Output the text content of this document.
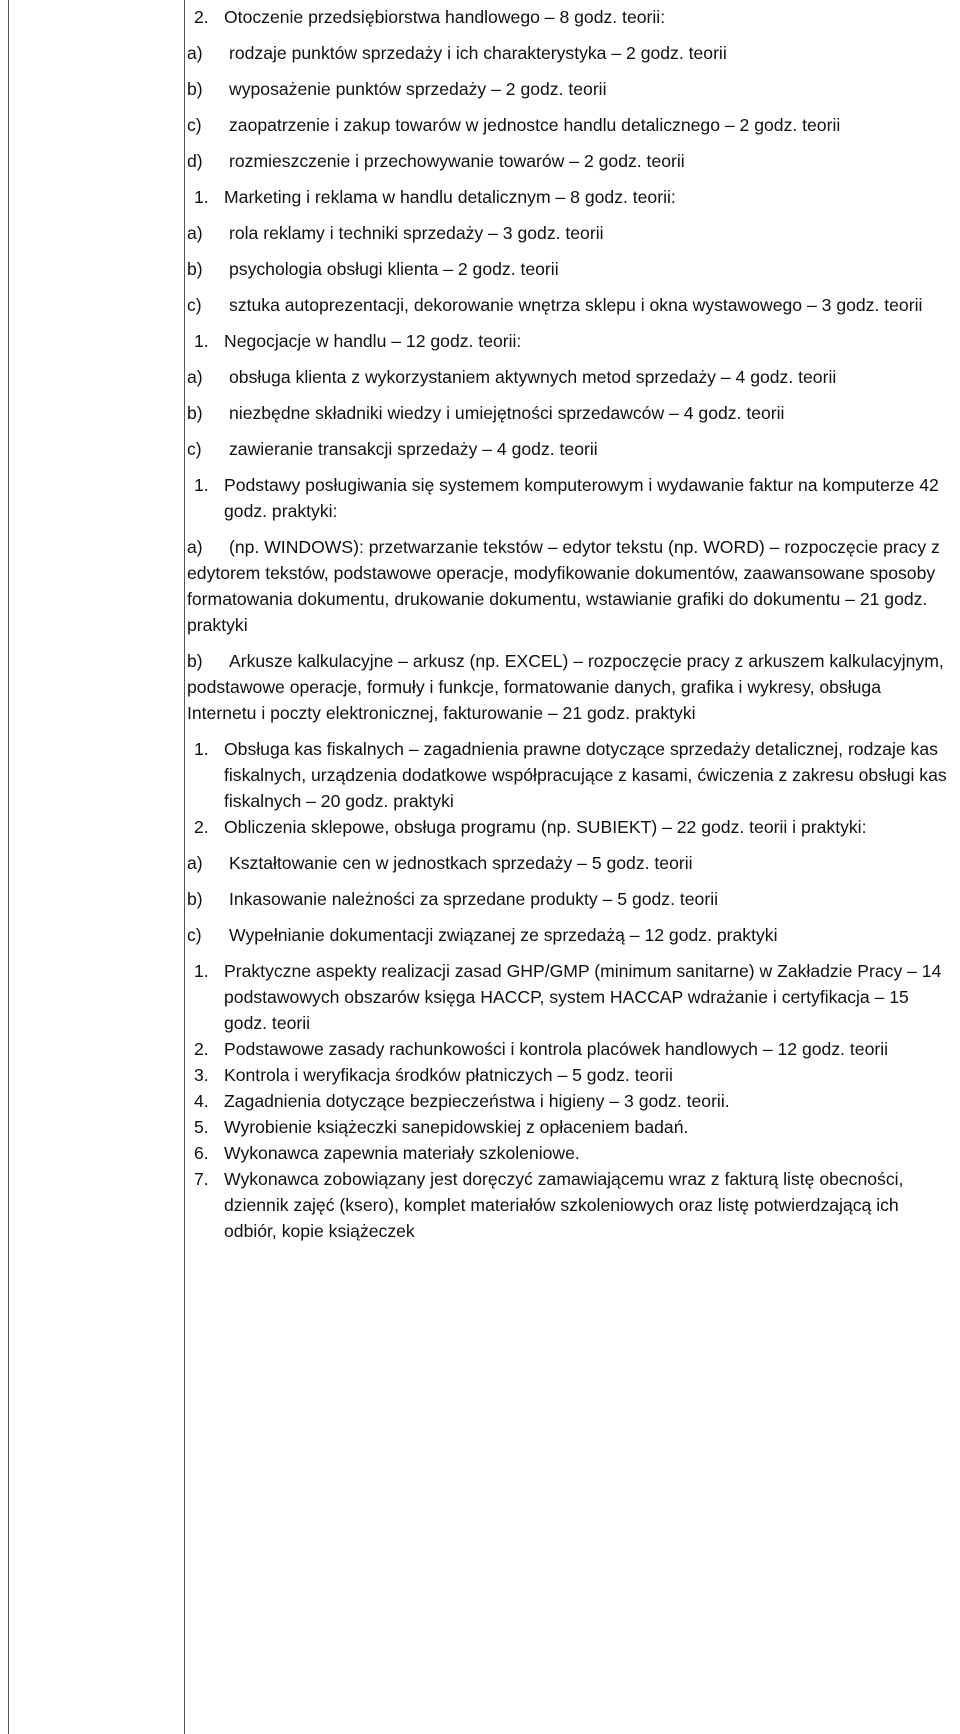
2. Otoczenie przedsiębiorstwa handlowego – 8 godz. teorii:
a) rodzaje punktów sprzedaży i ich charakterystyka – 2 godz. teorii
b) wyposażenie punktów sprzedaży – 2 godz. teorii
c) zaopatrzenie i zakup towarów w jednostce handlu detalicznego – 2 godz. teorii
d) rozmieszczenie i przechowywanie towarów – 2 godz. teorii
1. Marketing i reklama w handlu detalicznym – 8 godz. teorii:
a) rola reklamy i techniki sprzedaży – 3 godz. teorii
b) psychologia obsługi klienta – 2 godz. teorii
c) sztuka autoprezentacji, dekorowanie wnętrza sklepu i okna wystawowego – 3 godz. teorii
1. Negocjacje w handlu – 12 godz. teorii:
a) obsługa klienta z wykorzystaniem aktywnych metod sprzedaży – 4 godz. teorii
b) niezbędne składniki wiedzy i umiejętności sprzedawców – 4 godz. teorii
c) zawieranie transakcji sprzedaży – 4 godz. teorii
1. Podstawy posługiwania się systemem komputerowym i wydawanie faktur na komputerze 42 godz. praktyki:
a) (np. WINDOWS): przetwarzanie tekstów – edytor tekstu (np. WORD) – rozpoczęcie pracy z edytorem tekstów, podstawowe operacje, modyfikowanie dokumentów, zaawansowane sposoby formatowania dokumentu, drukowanie dokumentu, wstawianie grafiki do dokumentu – 21 godz. praktyki
b) Arkusze kalkulacyjne – arkusz (np. EXCEL) – rozpoczęcie pracy z arkuszem kalkulacyjnym, podstawowe operacje, formuły i funkcje, formatowanie danych, grafika i wykresy, obsługa Internetu i poczty elektronicznej, fakturowanie – 21 godz. praktyki
1. Obsługa kas fiskalnych – zagadnienia prawne dotyczące sprzedaży detalicznej, rodzaje kas fiskalnych, urządzenia dodatkowe współpracujące z kasami, ćwiczenia z zakresu obsługi kas fiskalnych – 20 godz. praktyki
2. Obliczenia sklepowe, obsługa programu (np. SUBIEKT) – 22 godz. teorii i praktyki:
a) Kształtowanie cen w jednostkach sprzedaży – 5 godz. teorii
b) Inkasowanie należności za sprzedane produkty – 5 godz. teorii
c) Wypełnianie dokumentacji związanej ze sprzedażą – 12 godz. praktyki
1. Praktyczne aspekty realizacji zasad GHP/GMP (minimum sanitarne) w Zakładzie Pracy – 14 podstawowych obszarów księga HACCP, system HACCAP wdrażanie i certyfikacja – 15 godz. teorii
2. Podstawowe zasady rachunkowości i kontrola placówek handlowych – 12 godz. teorii
3. Kontrola i weryfikacja środków płatniczych – 5 godz. teorii
4. Zagadnienia dotyczące bezpieczeństwa i higieny – 3 godz. teorii.
5. Wyrobienie książeczki sanepidowskiej z opłaceniem badań.
6. Wykonawca zapewnia materiały szkoleniowe.
7. Wykonawca zobowiązany jest doręczyć zamawiającemu wraz z fakturą listę obecności, dziennik zajęć (ksero), komplet materiałów szkoleniowych oraz listę potwierdzającą ich odbiór, kopie książeczek
